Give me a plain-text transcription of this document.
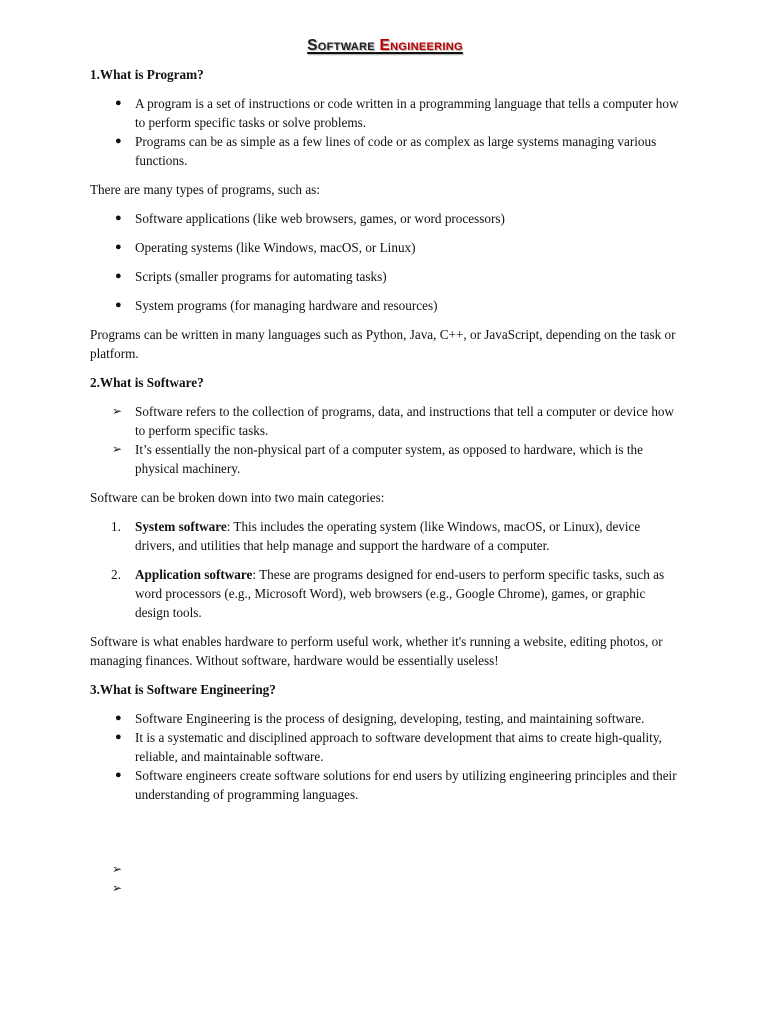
Software Engineering
1.What is Program?
● A program is a set of instructions or code written in a programming language that tells a computer how to perform specific tasks or solve problems.
● Programs can be as simple as a few lines of code or as complex as large systems managing various functions.

There are many types of programs, such as:

● Software applications (like web browsers, games, or word processors)
● Operating systems (like Windows, macOS, or Linux)
● Scripts (smaller programs for automating tasks)
● System programs (for managing hardware and resources)

Programs can be written in many languages such as Python, Java, C++, or JavaScript, depending on the task or platform.

2.What is Software?
➢ Software refers to the collection of programs, data, and instructions that tell a computer or device how to perform specific tasks.
➢ It’s essentially the non-physical part of a computer system, as opposed to hardware, which is the physical machinery.

Software can be broken down into two main categories:

1. System software: This includes the operating system (like Windows, macOS, or Linux), device drivers, and utilities that help manage and support the hardware of a computer.
2. Application software: These are programs designed for end-users to perform specific tasks, such as word processors (e.g., Microsoft Word), web browsers (e.g., Google Chrome), games, or graphic design tools.

Software is what enables hardware to perform useful work, whether it's running a website, editing photos, or managing finances. Without software, hardware would be essentially useless!

3.What is Software Engineering?
● Software Engineering is the process of designing, developing, testing, and maintaining software.
● It is a systematic and disciplined approach to software development that aims to create high-quality, reliable, and maintainable software.
● Software engineers create software solutions for end users by utilizing engineering principles and their understanding of programming languages.
➢
➢
